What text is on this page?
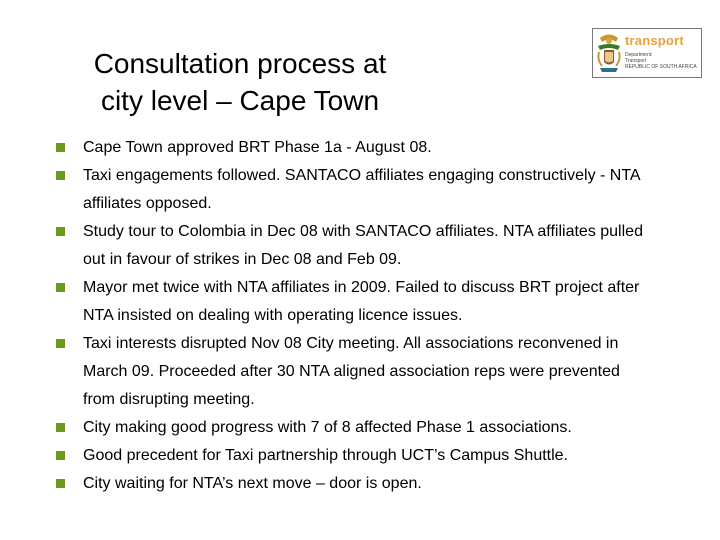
Consultation process at
city level – Cape Town
transport
Department:
Transport
REPUBLIC OF SOUTH AFRICA
Cape Town approved BRT Phase 1a - August 08.
Taxi engagements followed. SANTACO affiliates engaging constructively - NTA affiliates opposed.
Study tour to Colombia in Dec 08 with SANTACO affiliates. NTA affiliates pulled out in favour of strikes in Dec 08 and Feb 09.
Mayor met twice with NTA affiliates in 2009. Failed to discuss BRT project after NTA insisted on dealing with operating licence issues.
Taxi interests disrupted Nov 08 City meeting. All associations reconvened in March 09. Proceeded after 30 NTA aligned association reps were prevented from disrupting meeting.
City making good progress with 7 of 8 affected Phase 1 associations.
Good precedent for Taxi partnership through UCT’s Campus Shuttle.
City waiting for NTA’s next move – door is open.
